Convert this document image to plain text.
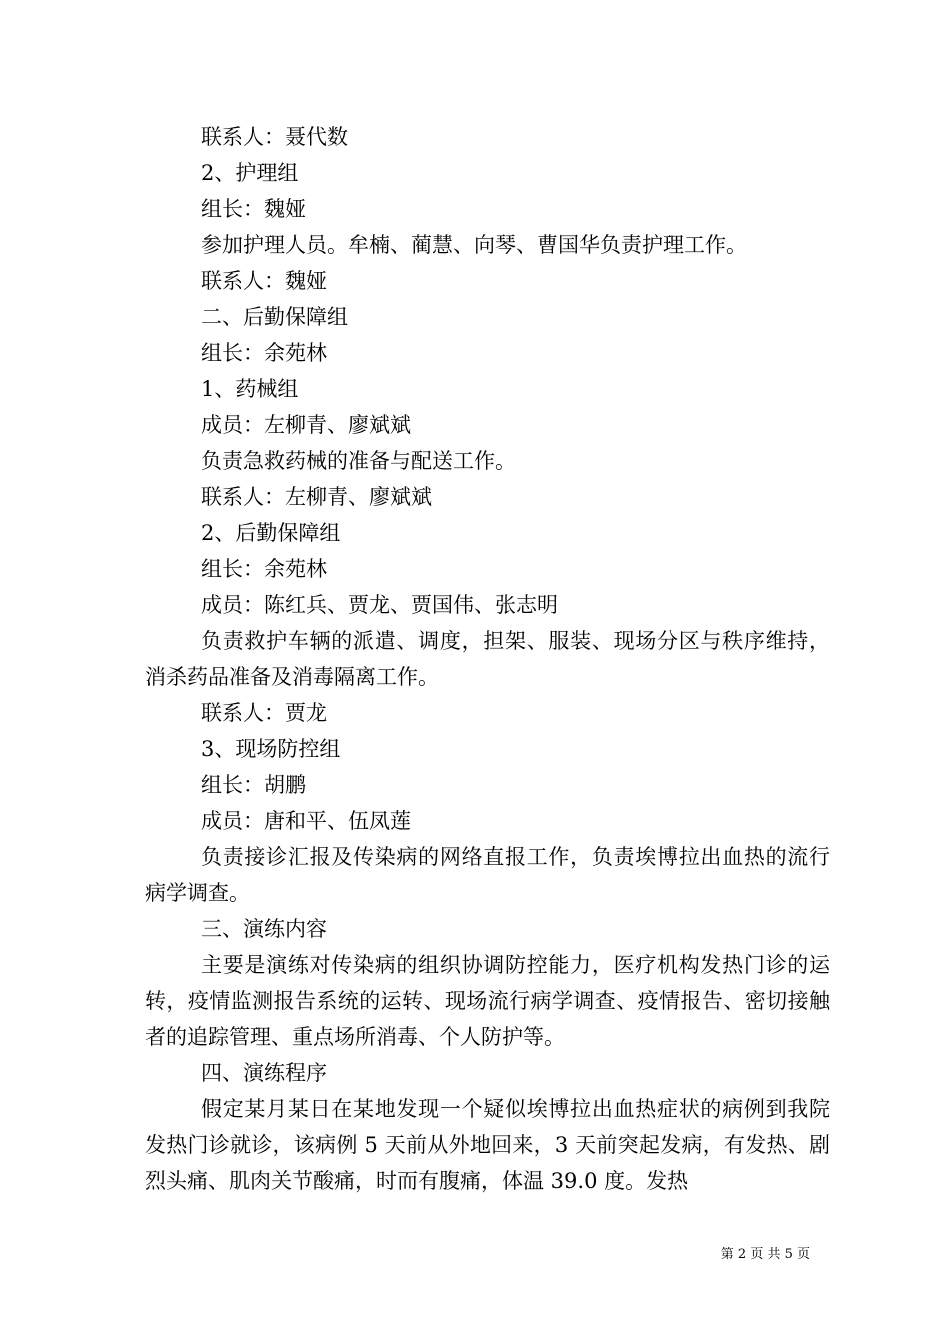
联系人：聂代数

2、护理组

组长：魏娅

参加护理人员。牟楠、蔺慧、向琴、曹国华负责护理工作。

联系人：魏娅

二、后勤保障组

组长：余苑林

1、药械组

成员：左柳青、廖斌斌

负责急救药械的准备与配送工作。

联系人：左柳青、廖斌斌

2、后勤保障组

组长：余苑林

成员：陈红兵、贾龙、贾国伟、张志明

负责救护车辆的派遣、调度，担架、服装、现场分区与秩序维持，消杀药品准备及消毒隔离工作。

联系人：贾龙

3、现场防控组

组长：胡鹏

成员：唐和平、伍凤莲

负责接诊汇报及传染病的网络直报工作，负责埃博拉出血热的流行病学调查。

三、演练内容

主要是演练对传染病的组织协调防控能力，医疗机构发热门诊的运转，疫情监测报告系统的运转、现场流行病学调查、疫情报告、密切接触者的追踪管理、重点场所消毒、个人防护等。

四、演练程序

假定某月某日在某地发现一个疑似埃博拉出血热症状的病例到我院发热门诊就诊，该病例 5 天前从外地回来，3 天前突起发病，有发热、剧烈头痛、肌肉关节酸痛，时而有腹痛，体温 39.0 度。发热

第 2 页 共 5 页
